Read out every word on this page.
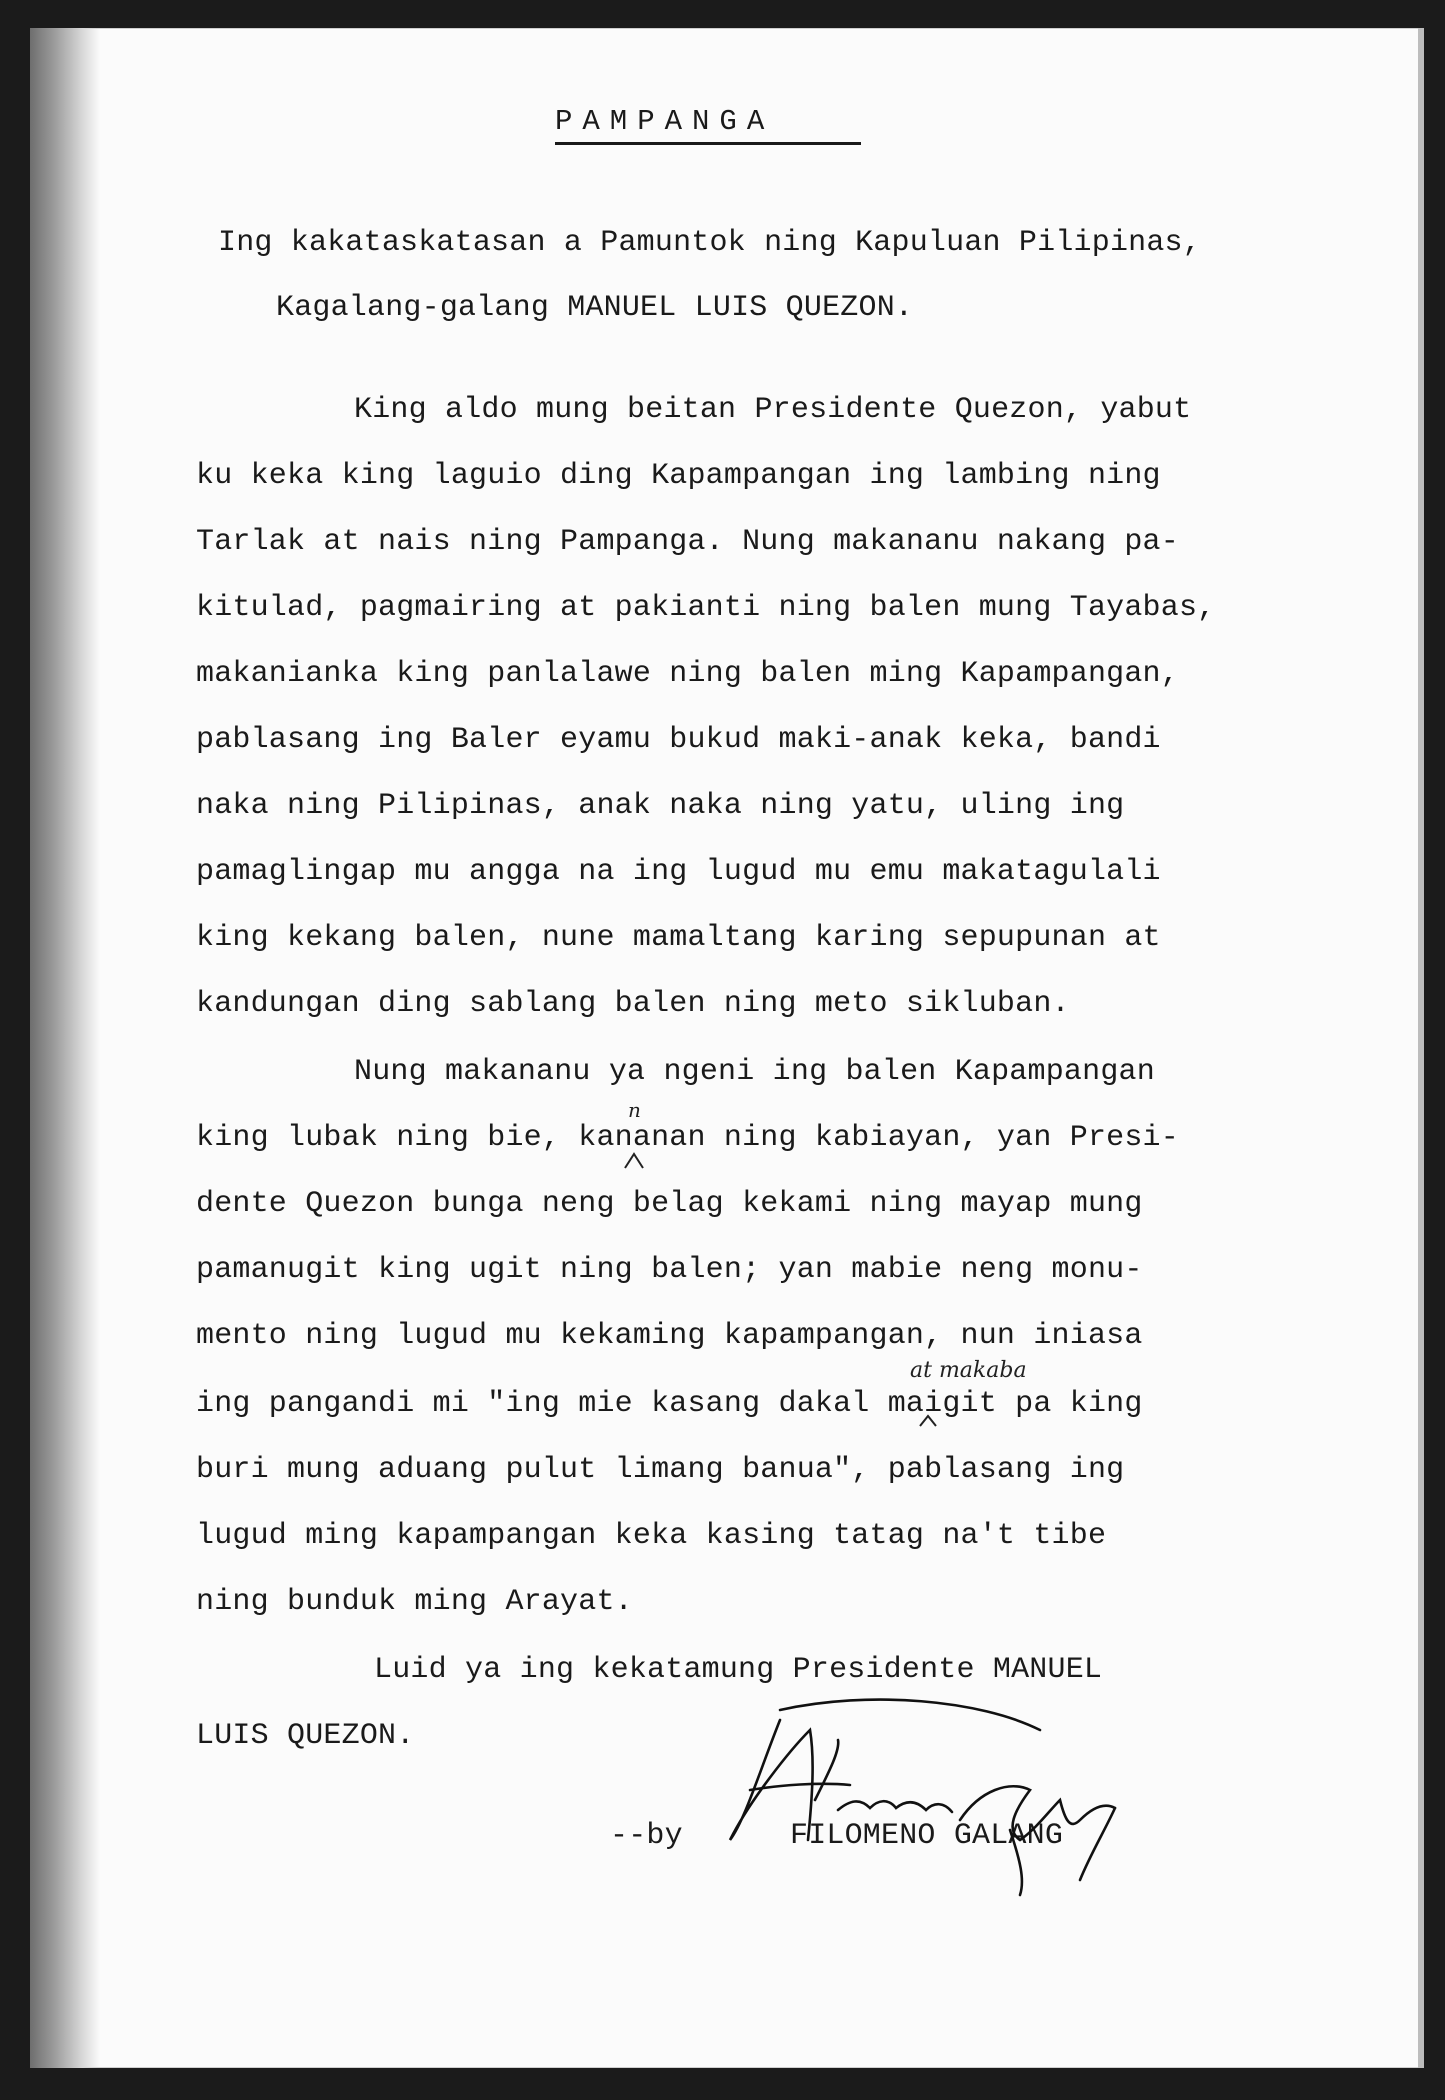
PAMPANGA
Ing kakataskatasan a Pamuntok ning Kapuluan Pilipinas,
Kagalang-galang MANUEL LUIS QUEZON.
King aldo mung beitan Presidente Quezon, yabut
ku keka king laguio ding Kapampangan ing lambing ning
Tarlak at nais ning Pampanga. Nung makananu nakang pa-
kitulad, pagmairing at pakianti ning balen mung Tayabas,
makanianka king panlalawe ning balen ming Kapampangan,
pablasang ing Baler eyamu bukud maki-anak keka, bandi
naka ning Pilipinas, anak naka ning yatu, uling ing
pamaglingap mu angga na ing lugud mu emu makatagulali
king kekang balen, nune mamaltang karing sepupunan at
kandungan ding sablang balen ning meto sikluban.
Nung makananu ya ngeni ing balen Kapampangan
king lubak ning bie, kananan ning kabiayan, yan Presi-
dente Quezon bunga neng belag kekami ning mayap mung
pamanugit king ugit ning balen; yan mabie neng monu-
mento ning lugud mu kekaming kapampangan, nun iniasa
ing pangandi mi "ing mie kasang dakal maigit pa king
buri mung aduang pulut limang banua", pablasang ing
lugud ming kapampangan keka kasing tatag na't tibe
ning bunduk ming Arayat.
Luid ya ing kekatamung Presidente MANUEL
LUIS QUEZON.
n
at makaba
--by	FILOMENO GALANG
